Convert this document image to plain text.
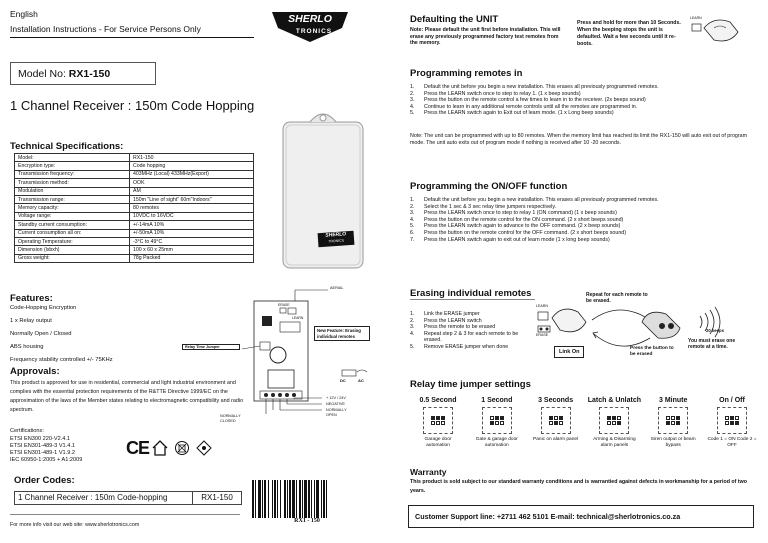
English
Installation Instructions - For Service Persons Only
SHERLO
TRONICS
Model No:
RX1-150
1 Channel Receiver : 150m Code Hopping
Technical Specifications:
Model:	RX1-150
Encryption type:	Code hopping
Transmission frequency:	403MHz (Local) 433MHz(Export)
Transmission method:	OOK
Modulation	AM
Transmission range:	150m "Line of sight" 60m"Indoors"
Memory capacity:	80 remotes
Voltage range:	10VDC to 16VDC
Standby current consumption:	+/-14mA 10%
Current consumption all on:	+/-50mA 10%
Operating Temperature:	-3°C to 49°C
Dimension (lxbxh)	100 x 60 x 25mm
Gross weight:	78g Packed
SHERLO
TRONICS
Features:
Code-Hopping Encryption
1 x Relay output
Normally Open / Closed
ABS housing
Frequency stability controlled +/- 75KHz
AERIAL
ERASE
LEARN
New Feature: Erasing individual remotes
Relay Time Jumper
+ 12V / 24V
NEGATIVE
NORMALLY OPEN
NORMALLY CLOSED
DC	AC
Approvals:
This product is approved for use in residential, commercial and light industrial environment and complies with the essential protection requirements of the R&TTE Directive 1999/EC on the approximation of the laws of the Member states relating to electromagnetic compatibility and radio spectrum.
Certifications:
ETSI EN300 220-V2.4.1
ETSI EN301-489-3 V1.4.1
ETSI EN301-489-1 V1.9.2
IEC 60950-1:2005 + A1:2009
CE
Order Codes:
1 Channel Receiver : 150m Code-hopping	RX1-150
RX1 - 150
For more info visit our web site: www.sherlotronics.com
Defaulting the UNIT
Note: Please default the unit first before installation. This will erase any previously programmed factory test remotes from the memory.
Press and hold for more than 10 Seconds. When the beeping stops the unit is defaulted. Wait a few seconds until it re-boots.
LEARN
Programming remotes in
1.	Default the unit before you begin a new installation. This erases all previously programmed remotes.
2.	Press the LEARN switch once to step to relay 1. (1 x beep sounds)
3.	Press the button on the remote control a few times to learn in to the receiver. (2x beeps sound)
4.	Continue to learn in any additional remote controls until all the remotes are programmed in.
5.	Press the LEARN switch again to Exit out of learn mode. (1 x Long beep sounds)
Note: The unit can be programmed with up to 80 remotes. When the memory limit has reached its limit the RX1-150 will auto exit out of program mode. The unit auto exits out of program mode if nothing is received after 10 -20 seconds.
Programming the ON/OFF function
1.	Default the unit before you begin a new installation. This erases all previously programmed remotes.
2.	Select the 1 sec & 3 sec relay time jumpers respectively.
3.	Press the LEARN switch once to step to relay 1 (ON command) (1 x beep sounds)
4.	Press the button on the remote control for the ON command. (2 x short beeps sound)
5.	Press the LEARN switch again to advance to the OFF command. (2 x beep sounds)
6.	Press the button on the remote control for the OFF command. (2 x short beeps sound)
7.	Press the LEARN switch again to exit out of learn mode (1 x long beep sounds)
Erasing individual remotes
1.	Link the ERASE jumper
2.	Press the LEARN switch
3.	Press the remote to be erased
4.	Repeat step 2 & 3 for each remote to be erased.
5.	Remove ERASE jumper when done
LEARN
ERASE
Repeat for each remote to be erased.
Link On
Press the button to be erased
20 beeps
You must erase one remote at a time.
Relay time jumper settings
0.5 Second
Garage door automation
1 Second
Gate & garage door automation
3 Seconds
Panic on alarm panel
Latch & Unlatch
Arming & Disarming alarm panels
3 Minute
Siren output or beam bypass
On / Off
Code 1 = ON Code 2 = OFF
Warranty
This product is sold subject to our standard warranty conditions and is warrantied against defects in workmanship for a period of two years.
Customer Support line: +2711 462 5101 E-mail: technical@sherlotronics.co.za
